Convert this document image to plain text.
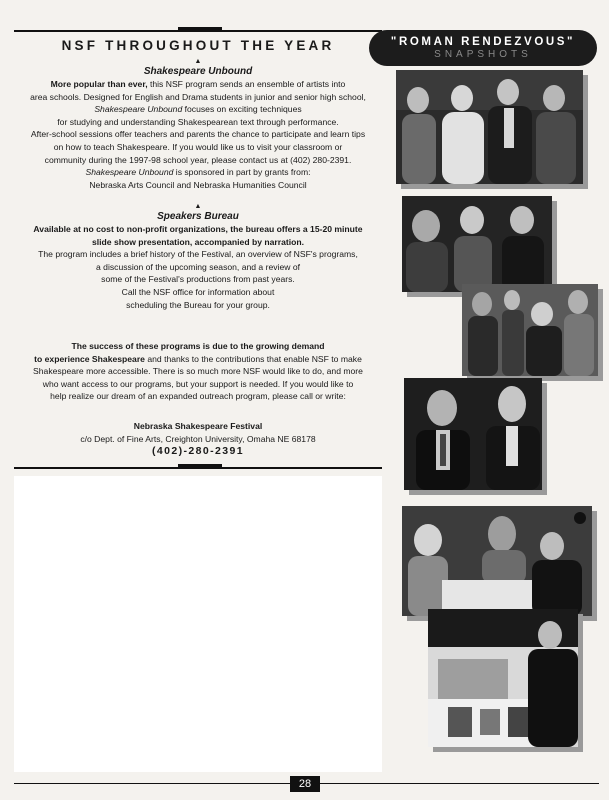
NSF THROUGHOUT THE YEAR
▲
Shakespeare Unbound
More popular than ever, this NSF program sends an ensemble of artists into
area schools. Designed for English and Drama students in junior and senior high school,
Shakespeare Unbound focuses on exciting techniques
for studying and understanding Shakespearean text through performance.
After-school sessions offer teachers and parents the chance to participate and learn tips
on how to teach Shakespeare. If you would like us to visit your classroom or
community during the 1997-98 school year, please contact us at (402) 280-2391.
Shakespeare Unbound is sponsored in part by grants from:
Nebraska Arts Council and Nebraska Humanities Council
▲
Speakers Bureau
Available at no cost to non-profit organizations, the bureau offers a 15-20 minute
slide show presentation, accompanied by narration.
The program includes a brief history of the Festival, an overview of NSF's programs,
a discussion of the upcoming season, and a review of
some of the Festival's productions from past years.
Call the NSF office for information about
scheduling the Bureau for your group.
The success of these programs is due to the growing demand
to experience Shakespeare and thanks to the contributions that enable NSF to make
Shakespeare more accessible. There is so much more NSF would like to do, and more
who want access to our programs, but your support is needed. If you would like to
help realize our dream of an expanded outreach program, please call or write:
Nebraska Shakespeare Festival
c/o Dept. of Fine Arts, Creighton University, Omaha NE 68178
(402)-280-2391
"ROMAN RENDEZVOUS"
SNAPSHOTS
28
